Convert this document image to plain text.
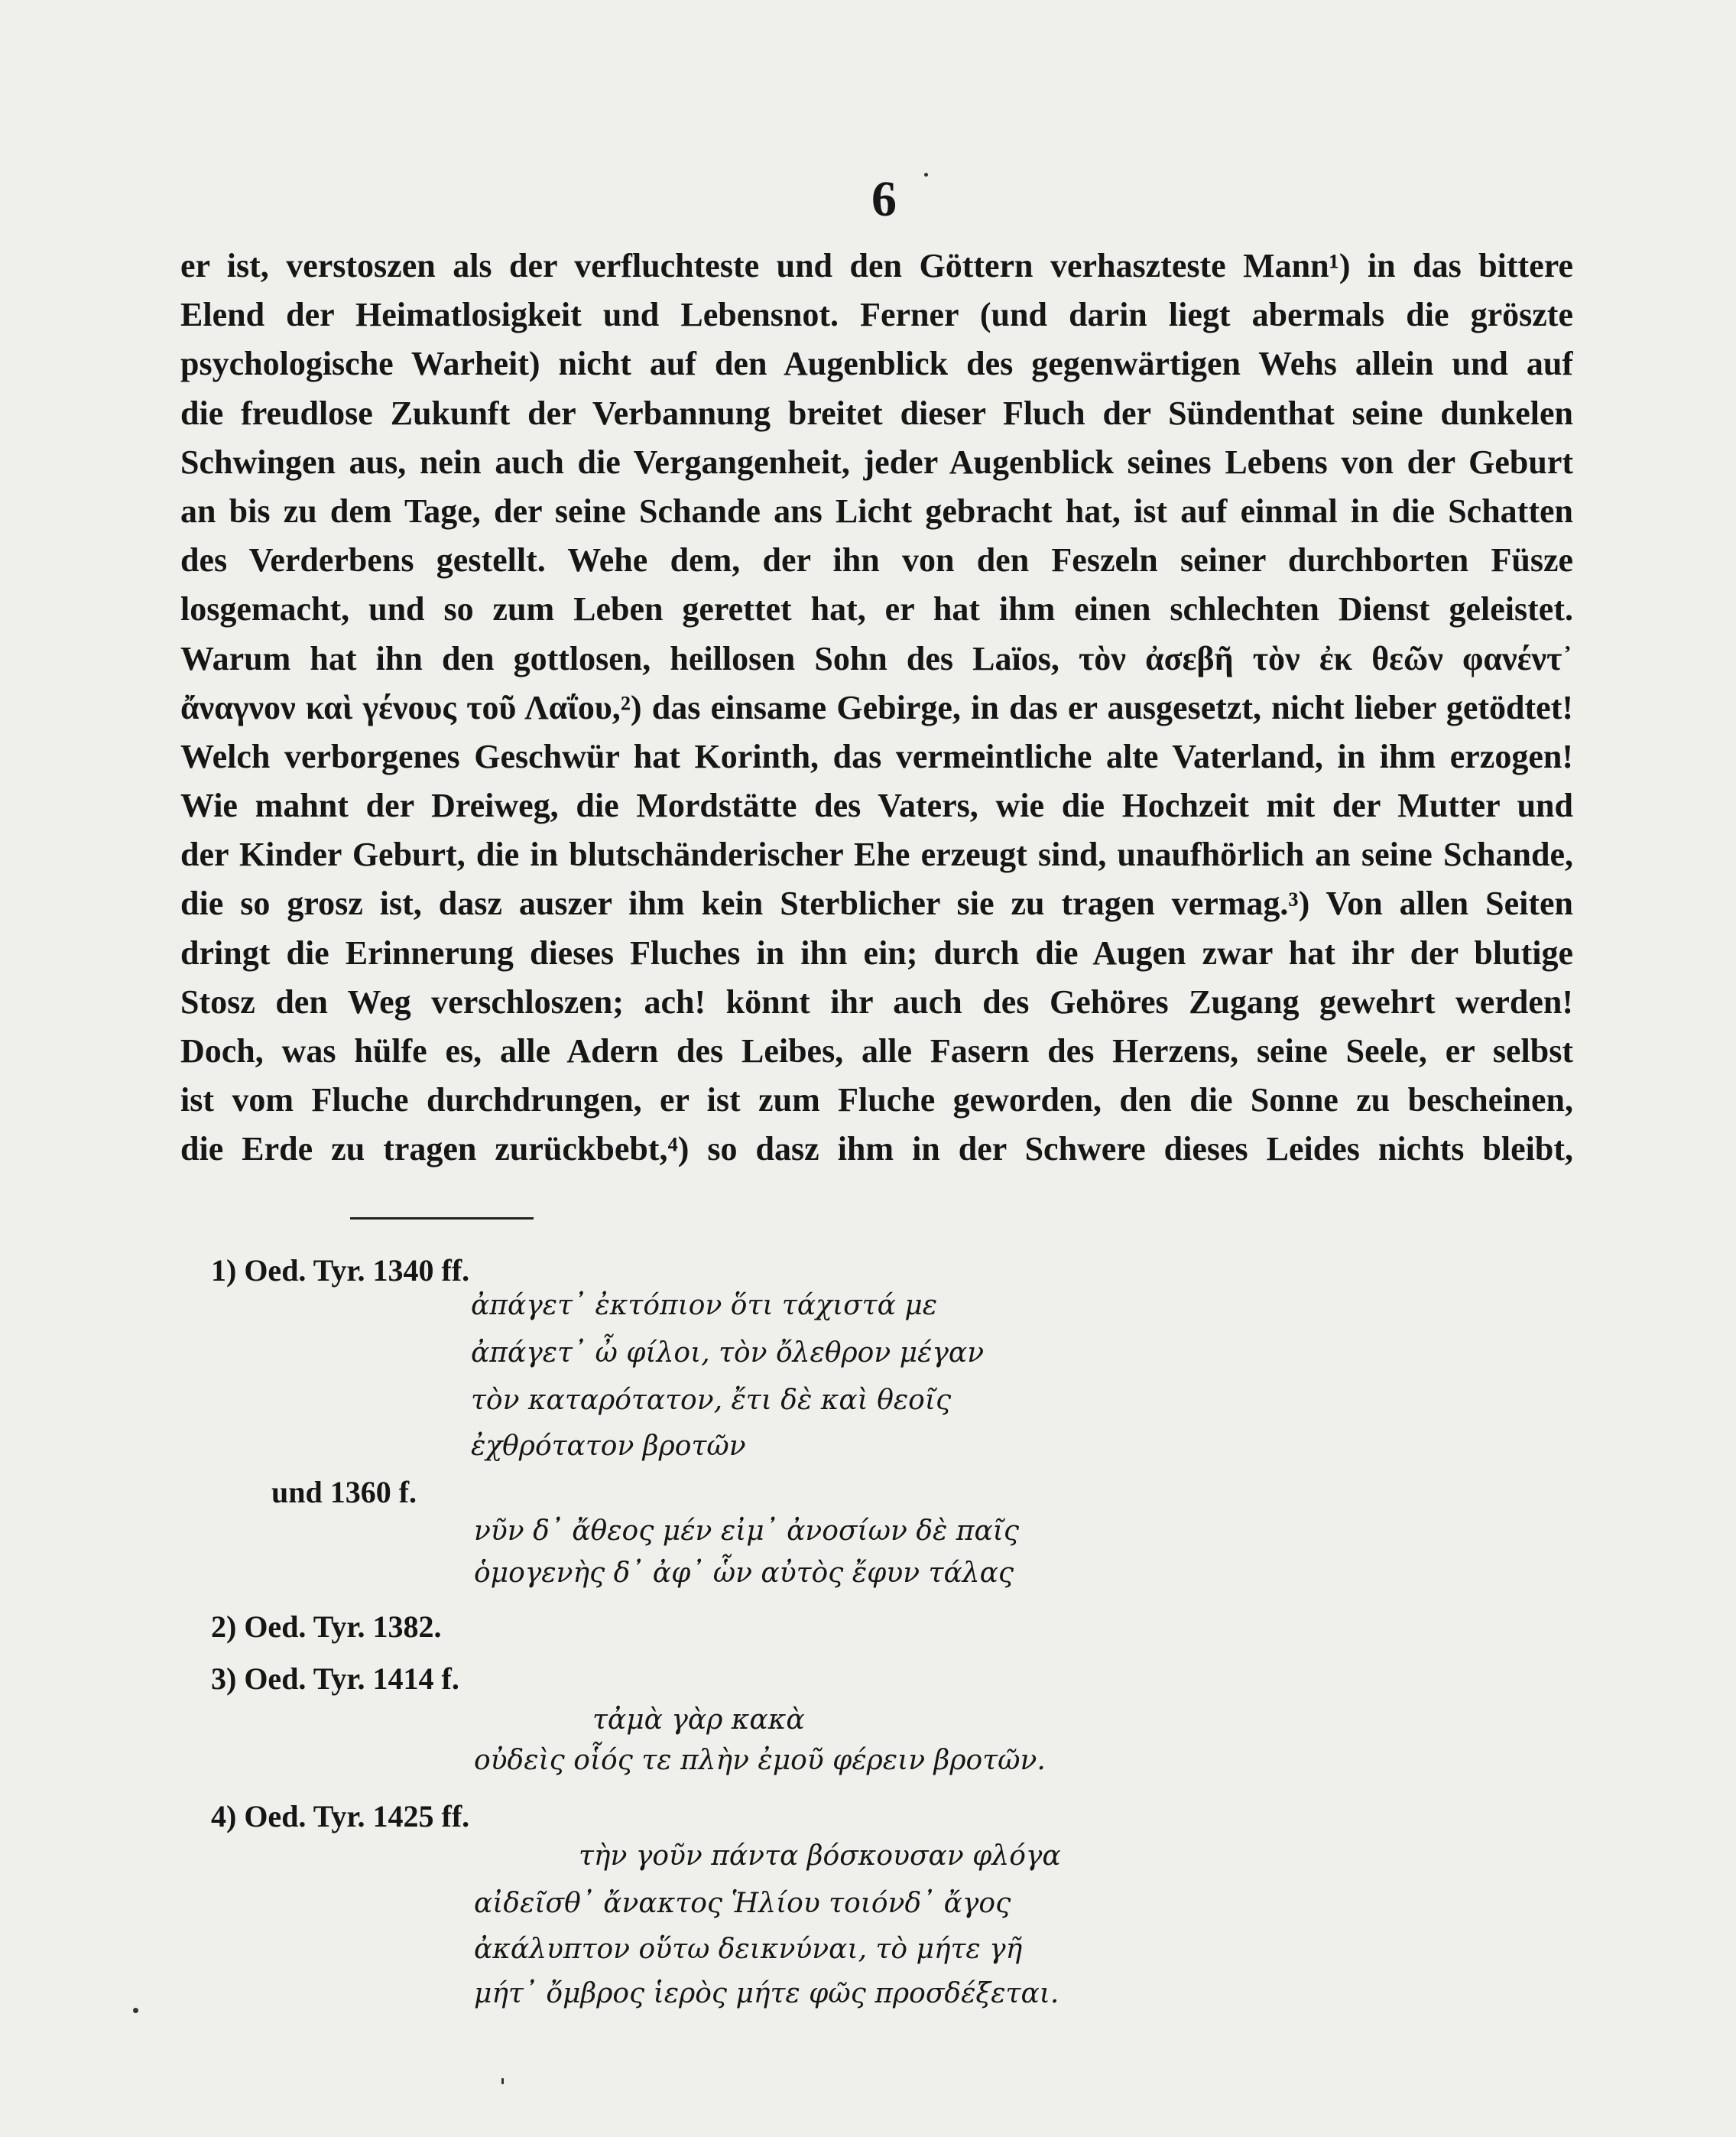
6
er ist, verstoszen als der verfluchteste und den Göttern verhaszteste Mann¹) in das bittere
Elend der Heimatlosigkeit und Lebensnot. Ferner (und darin liegt abermals die gröszte
psychologische Warheit) nicht auf den Augenblick des gegenwärtigen Wehs allein und auf
die freudlose Zukunft der Verbannung breitet dieser Fluch der Sündenthat seine dunkelen
Schwingen aus, nein auch die Vergangenheit, jeder Augenblick seines Lebens von der Geburt
an bis zu dem Tage, der seine Schande ans Licht gebracht hat, ist auf einmal in die Schatten
des Verderbens gestellt. Wehe dem, der ihn von den Feszeln seiner durchborten Füsze
losgemacht, und so zum Leben gerettet hat, er hat ihm einen schlechten Dienst geleistet.
Warum hat ihn den gottlosen, heillosen Sohn des Laïos, τὸν ἀσεβῆ τὸν ἐκ θεῶν φανέντ᾽
ἄναγνον καὶ γένους τοῦ Λαΐου,²) das einsame Gebirge, in das er ausgesetzt, nicht lieber getödtet!
Welch verborgenes Geschwür hat Korinth, das vermeintliche alte Vaterland, in ihm erzogen!
Wie mahnt der Dreiweg, die Mordstätte des Vaters, wie die Hochzeit mit der Mutter und
der Kinder Geburt, die in blutschänderischer Ehe erzeugt sind, unaufhörlich an seine Schande,
die so grosz ist, dasz auszer ihm kein Sterblicher sie zu tragen vermag.³) Von allen Seiten
dringt die Erinnerung dieses Fluches in ihn ein; durch die Augen zwar hat ihr der blutige
Stosz den Weg verschloszen; ach! könnt ihr auch des Gehöres Zugang gewehrt werden!
Doch, was hülfe es, alle Adern des Leibes, alle Fasern des Herzens, seine Seele, er selbst
ist vom Fluche durchdrungen, er ist zum Fluche geworden, den die Sonne zu bescheinen,
die Erde zu tragen zurückbebt,⁴) so dasz ihm in der Schwere dieses Leides nichts bleibt,
1) Oed. Tyr. 1340 ff.
ἀπάγετ᾽ ἐκτόπιον ὅτι τάχιστά με
ἀπάγετ᾽ ὦ φίλοι, τὸν ὄλεθρον μέγαν
τὸν καταρότατον, ἔτι δὲ καὶ θεοῖς
ἐχθρότατον βροτῶν
und 1360 f.
νῦν δ᾽ ἄθεος μέν εἰμ᾽ ἀνοσίων δὲ παῖς
ὁμογενὴς δ᾽ ἀφ᾽ ὧν αὐτὸς ἔφυν τάλας
2) Oed. Tyr. 1382.
3) Oed. Tyr. 1414 f.
τἀμὰ γὰρ κακὰ
οὐδεὶς οἷός τε πλὴν ἐμοῦ φέρειν βροτῶν.
4) Oed. Tyr. 1425 ff.
τὴν γοῦν πάντα βόσκουσαν φλόγα
αἰδεῖσθ᾽ ἄνακτος Ἡλίου τοιόνδ᾽ ἄγος
ἀκάλυπτον οὕτω δεικνύναι, τὸ μήτε γῆ
μήτ᾽ ὄμβρος ἱερὸς μήτε φῶς προσδέξεται.
